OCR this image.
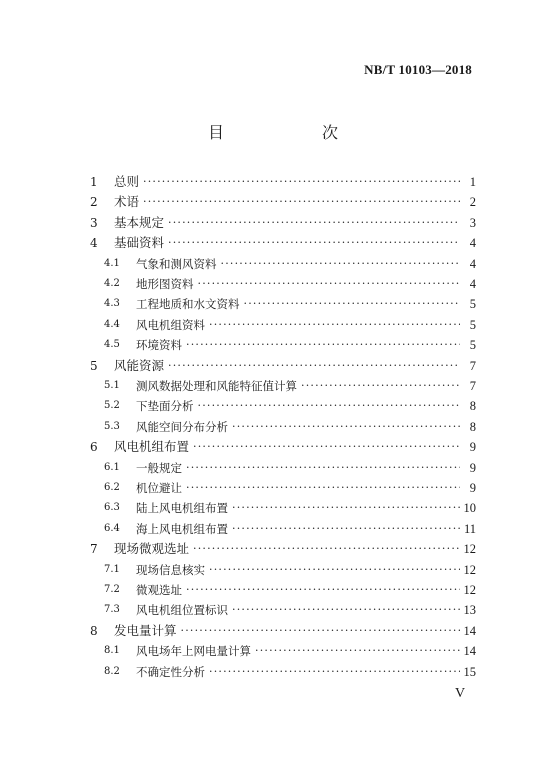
NB/T 10103—2018
目　　次
1	总则 ·····	1
2	术语 ·····	2
3	基本规定 ·····	3
4	基础资料 ·····	4
4.1	气象和测风资料 ·····	4
4.2	地形图资料 ·····	4
4.3	工程地质和水文资料 ·····	5
4.4	风电机组资料 ·····	5
4.5	环境资料 ·····	5
5	风能资源 ·····	7
5.1	测风数据处理和风能特征值计算 ·····	7
5.2	下垫面分析 ·····	8
5.3	风能空间分布分析 ·····	8
6	风电机组布置 ·····	9
6.1	一般规定 ·····	9
6.2	机位避让 ·····	9
6.3	陆上风电机组布置 ·····	10
6.4	海上风电机组布置 ·····	11
7	现场微观选址 ·····	12
7.1	现场信息核实 ·····	12
7.2	微观选址 ·····	12
7.3	风电机组位置标识 ·····	13
8	发电量计算 ·····	14
8.1	风电场年上网电量计算 ·····	14
8.2	不确定性分析 ·····	15
V
